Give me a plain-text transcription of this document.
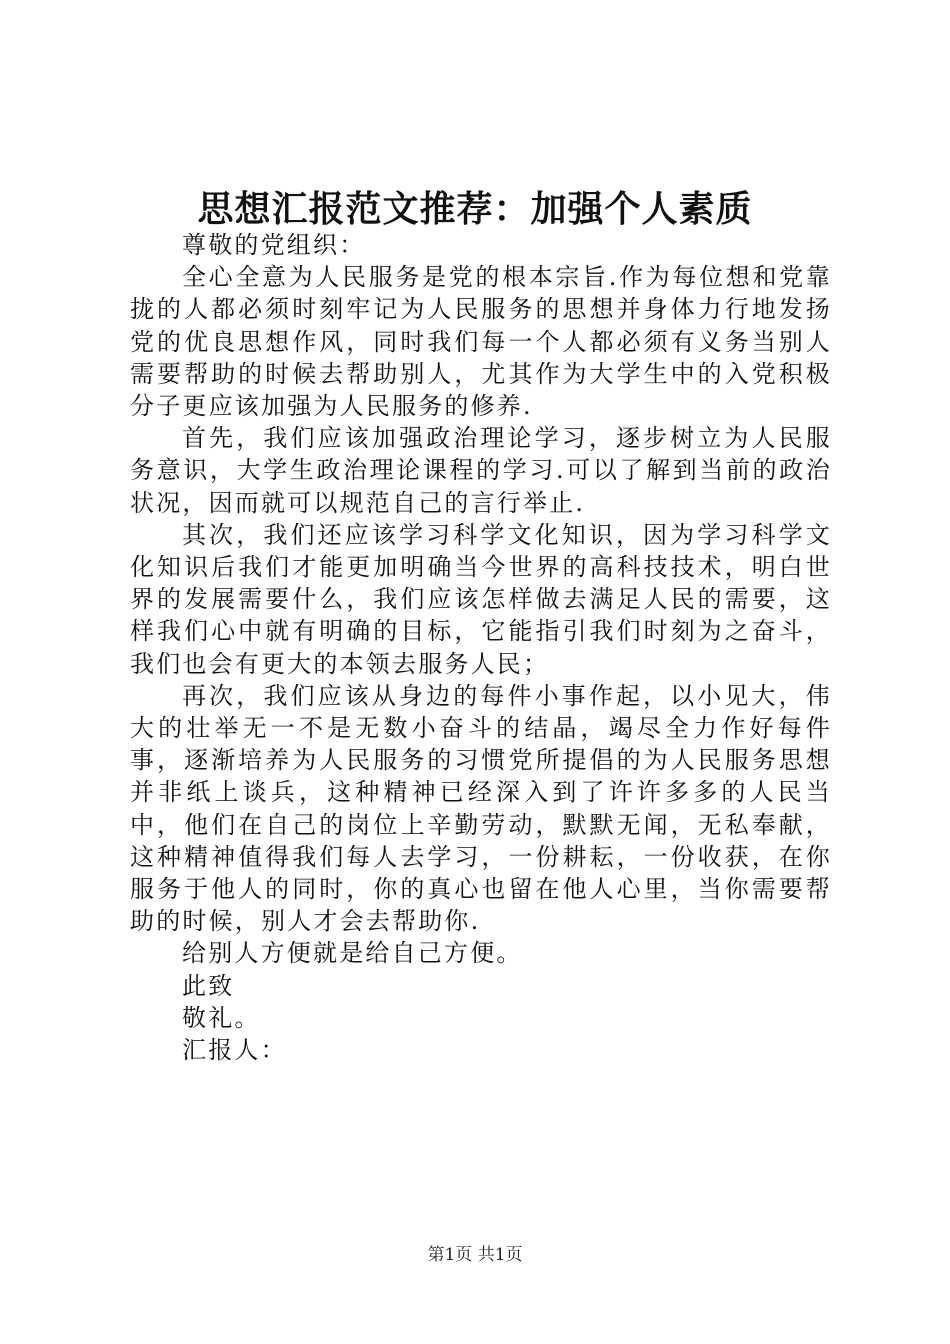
思想汇报范文推荐：加强个人素质

尊敬的党组织：

全心全意为人民服务是党的根本宗旨.作为每位想和党靠拢的人都必须时刻牢记为人民服务的思想并身体力行地发扬党的优良思想作风，同时我们每一个人都必须有义务当别人需要帮助的时候去帮助别人，尤其作为大学生中的入党积极分子更应该加强为人民服务的修养.

首先，我们应该加强政治理论学习，逐步树立为人民服务意识，大学生政治理论课程的学习.可以了解到当前的政治状况，因而就可以规范自己的言行举止.

其次，我们还应该学习科学文化知识，因为学习科学文化知识后我们才能更加明确当今世界的高科技技术，明白世界的发展需要什么，我们应该怎样做去满足人民的需要，这样我们心中就有明确的目标，它能指引我们时刻为之奋斗，我们也会有更大的本领去服务人民；

再次，我们应该从身边的每件小事作起，以小见大，伟大的壮举无一不是无数小奋斗的结晶，竭尽全力作好每件事，逐渐培养为人民服务的习惯党所提倡的为人民服务思想并非纸上谈兵，这种精神已经深入到了许许多多的人民当中，他们在自己的岗位上辛勤劳动，默默无闻，无私奉献，这种精神值得我们每人去学习，一份耕耘，一份收获，在你服务于他人的同时，你的真心也留在他人心里，当你需要帮助的时候，别人才会去帮助你.

给别人方便就是给自己方便。

此致

敬礼。

汇报人：

第1页 共1页
